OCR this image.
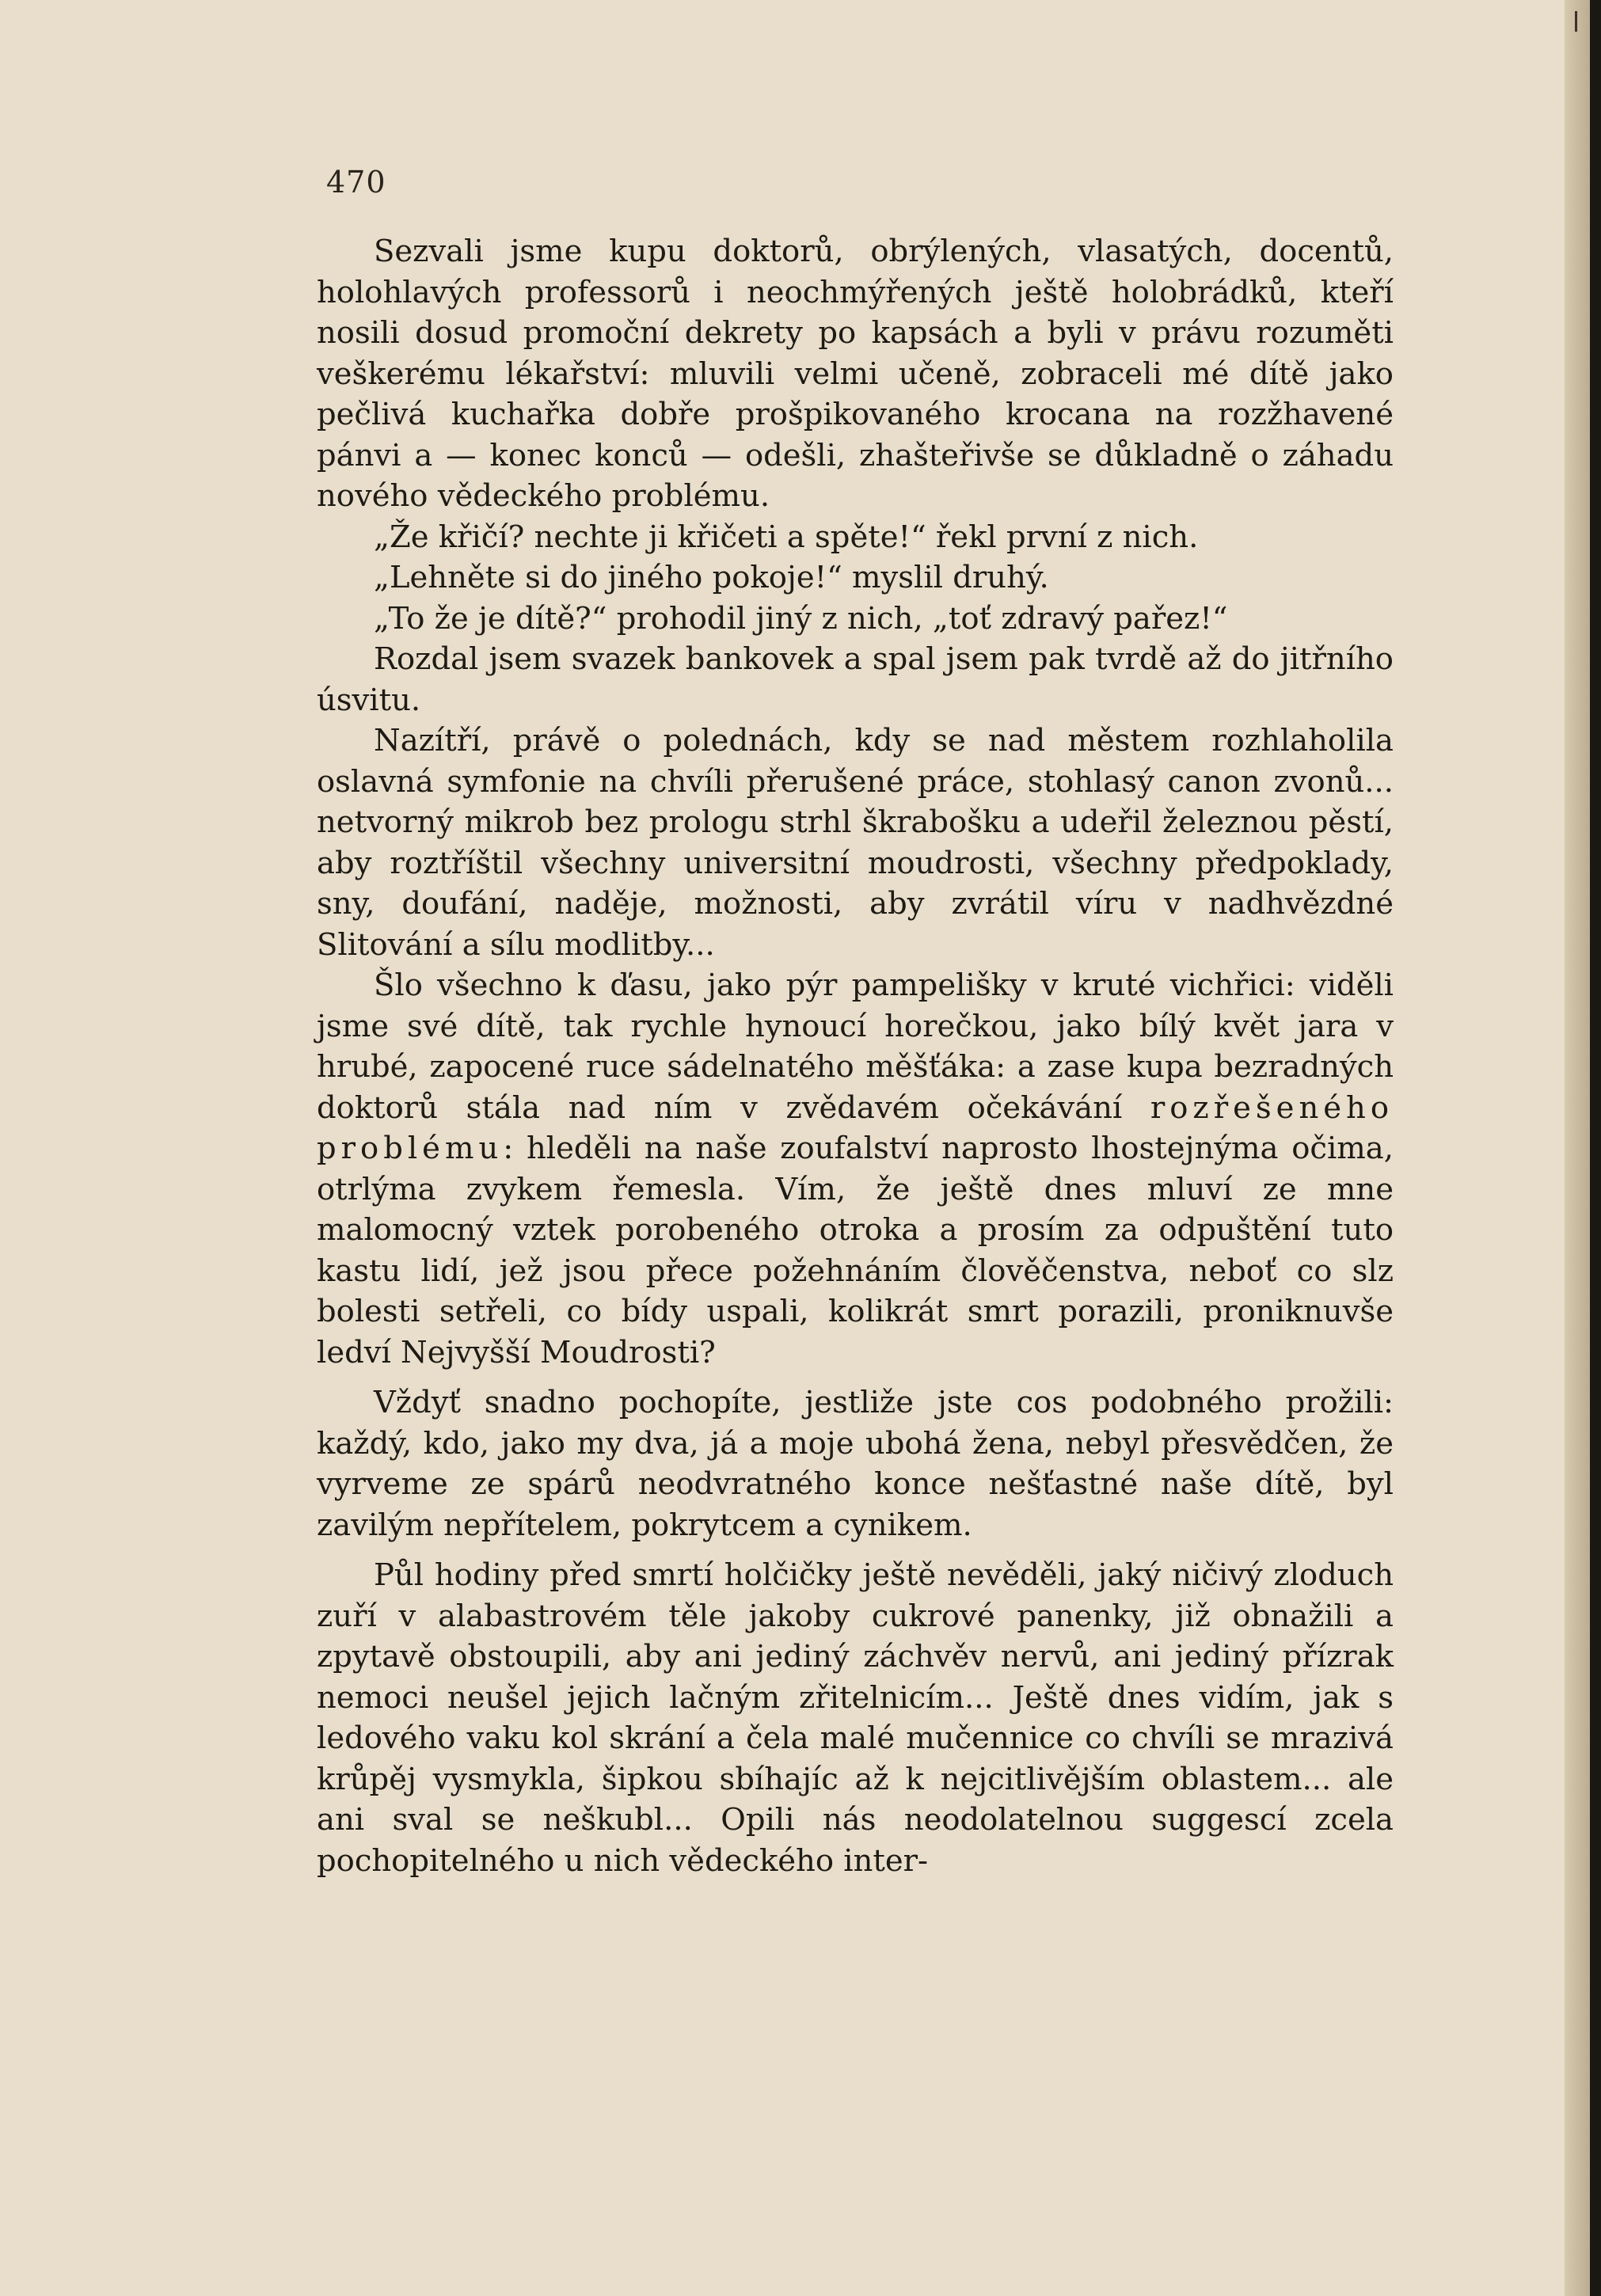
470

Sezvali jsme kupu doktorů, obrýlených, vlasatých, docentů, holohlavých professorů i neochmýřených ještě holobrádků, kteří nosili dosud promoční dekrety po kapsách a byli v právu rozuměti veškerému lékařství: mluvili velmi učeně, zobraceli mé dítě jako pečlivá kuchařka dobře prošpikovaného krocana na rozžhavené pánvi a — konec konců — odešli, zhašteřivše se důkladně o záhadu nového vědeckého problému.

„Že křičí? nechte ji křičeti a spěte!“ řekl první z nich.

„Lehněte si do jiného pokoje!“ myslil druhý.

„To že je dítě?“ prohodil jiný z nich, „toť zdravý pařez!“

Rozdal jsem svazek bankovek a spal jsem pak tvrdě až do jitřního úsvitu.

Nazítří, právě o polednách, kdy se nad městem rozhlaholila oslavná symfonie na chvíli přerušené práce, stohlasý canon zvonů... netvorný mikrob bez prologu strhl škrabošku a udeřil železnou pěstí, aby roztříštil všechny universitní moudrosti, všechny předpoklady, sny, doufání, naděje, možnosti, aby zvrátil víru v nadhvězdné Slitování a sílu modlitby...

Šlo všechno k ďasu, jako pýr pampelišky v kruté vichřici: viděli jsme své dítě, tak rychle hynoucí horečkou, jako bílý květ jara v hrubé, zapocené ruce sádelnatého měšťáka: a zase kupa bezradných doktorů stála nad ním v zvědavém očekávání rozřešeného problému: hleděli na naše zoufalství naprosto lhostejnýma očima, otrlýma zvykem řemesla. Vím, že ještě dnes mluví ze mne malomocný vztek porobeného otroka a prosím za odpuštění tuto kastu lidí, jež jsou přece požehnáním člověčenstva, neboť co slz bolesti setřeli, co bídy uspali, kolikrát smrt porazili, proniknuvše ledví Nejvyšší Moudrosti?

Vždyť snadno pochopíte, jestliže jste cos podobného prožili: každý, kdo, jako my dva, já a moje ubohá žena, nebyl přesvědčen, že vyrveme ze spárů neodvratného konce nešťastné naše dítě, byl zavilým nepřítelem, pokrytcem a cynikem.

Půl hodiny před smrtí holčičky ještě nevěděli, jaký ničivý zloduch zuří v alabastrovém těle jakoby cukrové panenky, již obnažili a zpytavě obstoupili, aby ani jediný záchvěv nervů, ani jediný přízrak nemoci neušel jejich lačným zřitelnicím... Ještě dnes vidím, jak s ledového vaku kol skrání a čela malé mučennice co chvíli se mrazivá krůpěj vysmykla, šipkou sbíhajíc až k nejcitlivějším oblastem... ale ani sval se neškubl... Opili nás neodolatelnou suggescí zcela pochopitelného u nich vědeckého inter-
